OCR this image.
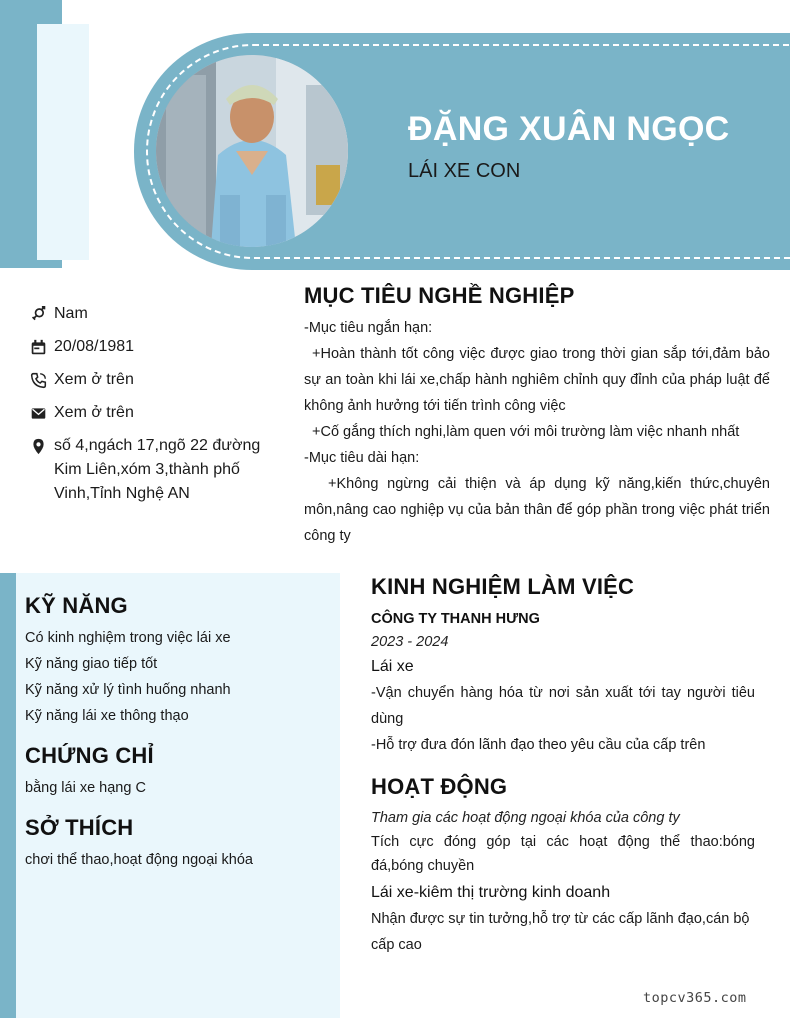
ĐẶNG XUÂN NGỌC
LÁI XE CON
Nam
20/08/1981
Xem ở trên
Xem ở trên
số 4,ngách 17,ngõ 22 đường Kim Liên,xóm 3,thành phố Vinh,Tỉnh Nghệ AN
MỤC TIÊU NGHỀ NGHIỆP
-Mục tiêu ngắn hạn:
+Hoàn thành tốt công việc được giao trong thời gian sắp tới,đảm bảo sự an toàn khi lái xe,chấp hành nghiêm chỉnh quy đỉnh của pháp luật để không ảnh hưởng tới tiến trình công việc
+Cố gắng thích nghi,làm quen với môi trường làm việc nhanh nhất
-Mục tiêu dài hạn:
+Không ngừng cải thiện và áp dụng kỹ năng,kiến thức,chuyên môn,nâng cao nghiệp vụ của bản thân để góp phần trong việc phát triển công ty
KỸ NĂNG
Có kinh nghiệm trong việc lái xe
Kỹ năng giao tiếp tốt
Kỹ năng xử lý tình huống nhanh
Kỹ năng lái xe thông thạo
CHỨNG CHỈ
bằng lái xe hạng C
SỞ THÍCH
chơi thể thao,hoạt động ngoại khóa
KINH NGHIỆM LÀM VIỆC
CÔNG TY THANH HƯNG
2023 - 2024
Lái xe
-Vận chuyển hàng hóa từ nơi sản xuất tới tay người tiêu dùng
-Hỗ trợ đưa đón lãnh đạo theo yêu cầu của cấp trên
HOẠT ĐỘNG
Tham gia các hoạt động ngoại khóa của công ty
Tích cực đóng góp tại các hoạt động thể thao:bóng đá,bóng chuyền
Lái xe-kiêm thị trường kinh doanh
Nhận được sự tin tưởng,hỗ trợ từ các cấp lãnh đạo,cán bộ cấp cao
topcv365.com
